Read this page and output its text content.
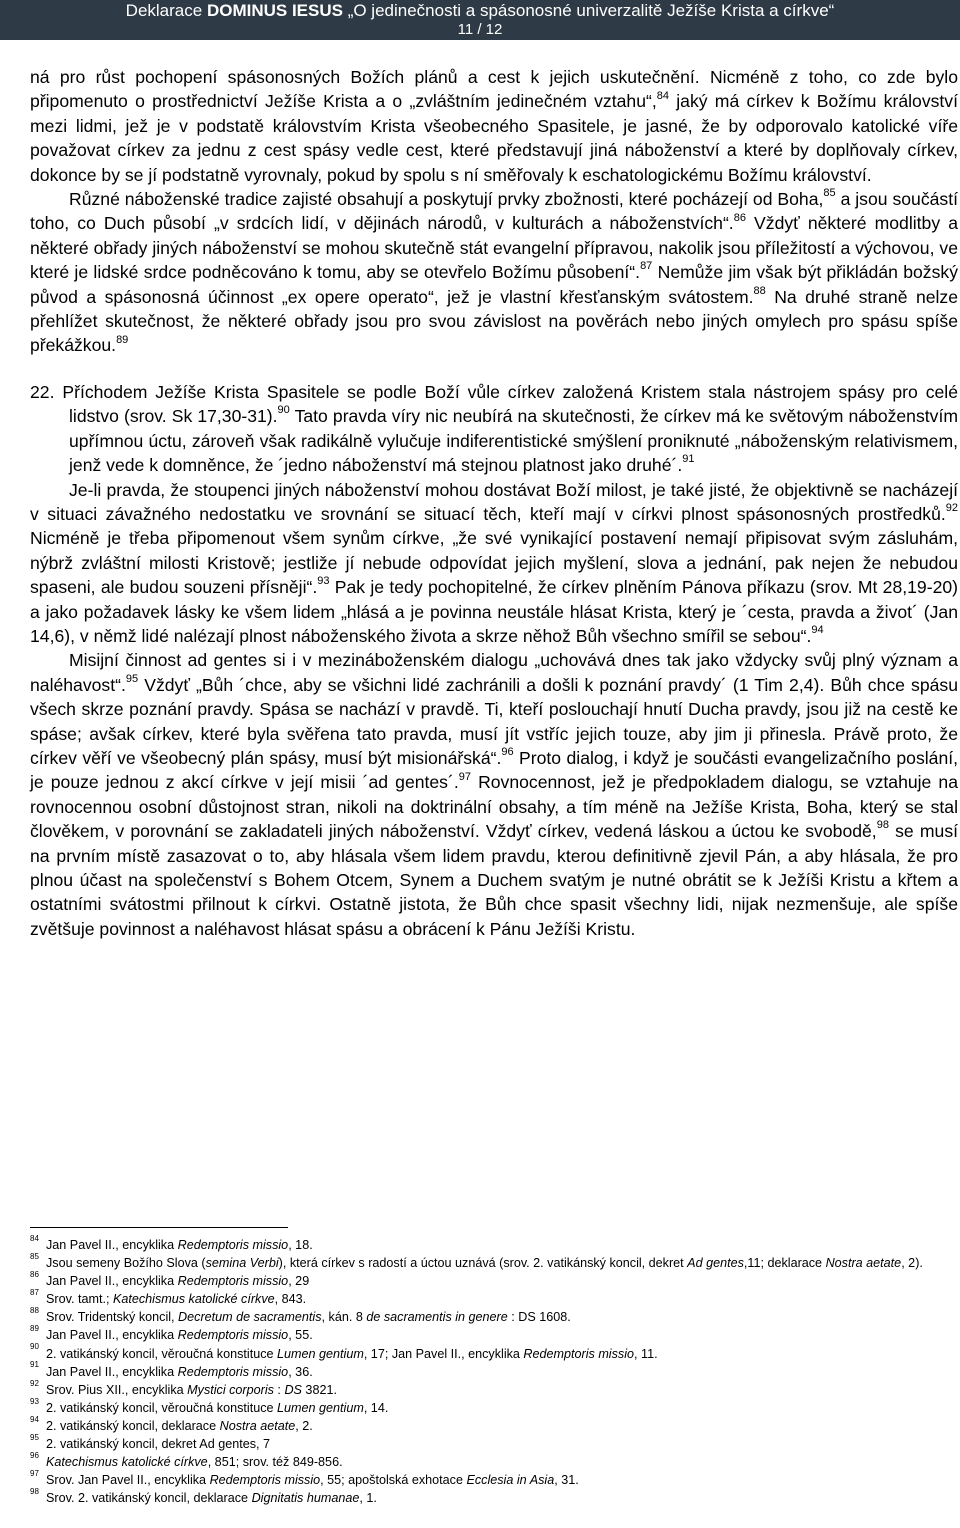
Deklarace DOMINUS IESUS „O jedinečnosti a spásonosné univerzalitě Ježíše Krista a církve“
11 / 12

ná pro růst pochopení spásonosných Božích plánů a cest k jejich uskutečnění. Nicméně z toho, co zde bylo připomenuto o prostřednictví Ježíše Krista a o „zvláštním jedinečném vztahu“,$^{84}$ jaký má církev k Božímu království mezi lidmi, jež je v podstatě královstvím Krista všeobecného Spasitele, je jasné, že by odporovalo katolické víře považovat církev za jednu z cest spásy vedle cest, které představují jiná náboženství a které by doplňovaly církev, dokonce by se jí podstatně vyrovnaly, pokud by spolu s ní směřovaly k eschatologickému Božímu království.

Různé náboženské tradice zajisté obsahují a poskytují prvky zbožnosti, které pocházejí od Boha,$^{85}$ a jsou součástí toho, co Duch působí „v srdcích lidí, v dějinách národů, v kulturách a náboženstvích“.$^{86}$ Vždyť některé modlitby a některé obřady jiných náboženství se mohou skutečně stát evangelní přípravou, nakolik jsou příležitostí a výchovou, ve které je lidské srdce podněcováno k tomu, aby se otevřelo Božímu působení“.$^{87}$ Nemůže jim však být přikládán božský původ a spásonosná účinnost „ex opere operato“, jež je vlastní křesťanským svátostem.$^{88}$ Na druhé straně nelze přehlížet skutečnost, že některé obřady jsou pro svou závislost na pověrách nebo jiných omylech pro spásu spíše překážkou.$^{89}$

22. Příchodem Ježíše Krista Spasitele se podle Boží vůle církev založená Kristem stala nástrojem spásy pro celé lidstvo (srov. Sk 17,30-31).$^{90}$ Tato pravda víry nic neubírá na skutečnosti, že církev má ke světovým náboženstvím upřímnou úctu, zároveň však radikálně vylučuje indiferentistické smýšlení proniknuté „náboženským relativismem, jenž vede k domněnce, že ´jedno náboženství má stejnou platnost jako druhé´.$^{91}$

Je-li pravda, že stoupenci jiných náboženství mohou dostávat Boží milost, je také jisté, že objektivně se nacházejí v situaci závažného nedostatku ve srovnání se situací těch, kteří mají v církvi plnost spásonosných prostředků.$^{92}$ Nicméně je třeba připomenout všem synům církve, „že své vynikající postavení nemají připisovat svým zásluhám, nýbrž zvláštní milosti Kristově; jestliže jí nebude odpovídat jejich myšlení, slova a jednání, pak nejen že nebudou spaseni, ale budou souzeni přísněji“.$^{93}$ Pak je tedy pochopitelné, že církev plněním Pánova příkazu (srov. Mt 28,19-20) a jako požadavek lásky ke všem lidem „hlásá a je povinna neustále hlásat Krista, který je ´cesta, pravda a život´ (Jan 14,6), v němž lidé nalézají plnost náboženského života a skrze něhož Bůh všechno smířil se sebou“.$^{94}$

Misijní činnost ad gentes si i v mezináboženském dialogu „uchovává dnes tak jako vždycky svůj plný význam a naléhavost“.$^{95}$ Vždyť „Bůh ´chce, aby se všichni lidé zachránili a došli k poznání pravdy´ (1 Tim 2,4). Bůh chce spásu všech skrze poznání pravdy. Spása se nachází v pravdě. Ti, kteří poslouchají hnutí Ducha pravdy, jsou již na cestě ke spáse; avšak církev, které byla svěřena tato pravda, musí jít vstříc jejich touze, aby jim ji přinesla. Právě proto, že církev věří ve všeobecný plán spásy, musí být misionářská“.$^{96}$ Proto dialog, i když je součásti evangelizačního poslání, je pouze jednou z akcí církve v její misii ´ad gentes´.$^{97}$ Rovnocennost, jež je předpokladem dialogu, se vztahuje na rovnocennou osobní důstojnost stran, nikoli na doktrinální obsahy, a tím méně na Ježíše Krista, Boha, který se stal člověkem, v porovnání se zakladateli jiných náboženství. Vždyť církev, vedená láskou a úctou ke svobodě,$^{98}$ se musí na prvním místě zasazovat o to, aby hlásala všem lidem pravdu, kterou definitivně zjevil Pán, a aby hlásala, že pro plnou účast na společenství s Bohem Otcem, Synem a Duchem svatým je nutné obrátit se k Ježíši Kristu a křtem a ostatními svátostmi přilnout k církvi. Ostatně jistota, že Bůh chce spasit všechny lidi, nijak nezmenšuje, ale spíše zvětšuje povinnost a naléhavost hlásat spásu a obrácení k Pánu Ježíši Kristu.

$^{84}$ Jan Pavel II., encyklika Redemptoris missio, 18.

$^{85}$ Jsou semeny Božího Slova (semina Verbi), která církev s radostí a úctou uznává (srov. 2. vatikánský koncil, dekret Ad gentes,11; deklarace Nostra aetate, 2).

$^{86}$ Jan Pavel II., encyklika Redemptoris missio, 29

$^{87}$ Srov. tamt.; Katechismus katolické církve, 843.

$^{88}$ Srov. Tridentský koncil, Decretum de sacramentis, kán. 8 de sacramentis in genere : DS 1608.

$^{89}$ Jan Pavel II., encyklika Redemptoris missio, 55.

$^{90}$ 2. vatikánský koncil, věroučná konstituce Lumen gentium, 17; Jan Pavel II., encyklika Redemptoris missio, 11.

$^{91}$ Jan Pavel II., encyklika Redemptoris missio, 36.

$^{92}$ Srov. Pius XII., encyklika Mystici corporis : DS 3821.

$^{93}$ 2. vatikánský koncil, věroučná konstituce Lumen gentium, 14.

$^{94}$ 2. vatikánský koncil, deklarace Nostra aetate, 2.

$^{95}$ 2. vatikánský koncil, dekret Ad gentes, 7

$^{96}$ Katechismus katolické církve, 851; srov. též 849-856.

$^{97}$ Srov. Jan Pavel II., encyklika Redemptoris missio, 55; apoštolská exhotace Ecclesia in Asia, 31.

$^{98}$ Srov. 2. vatikánský koncil, deklarace Dignitatis humanae, 1.
